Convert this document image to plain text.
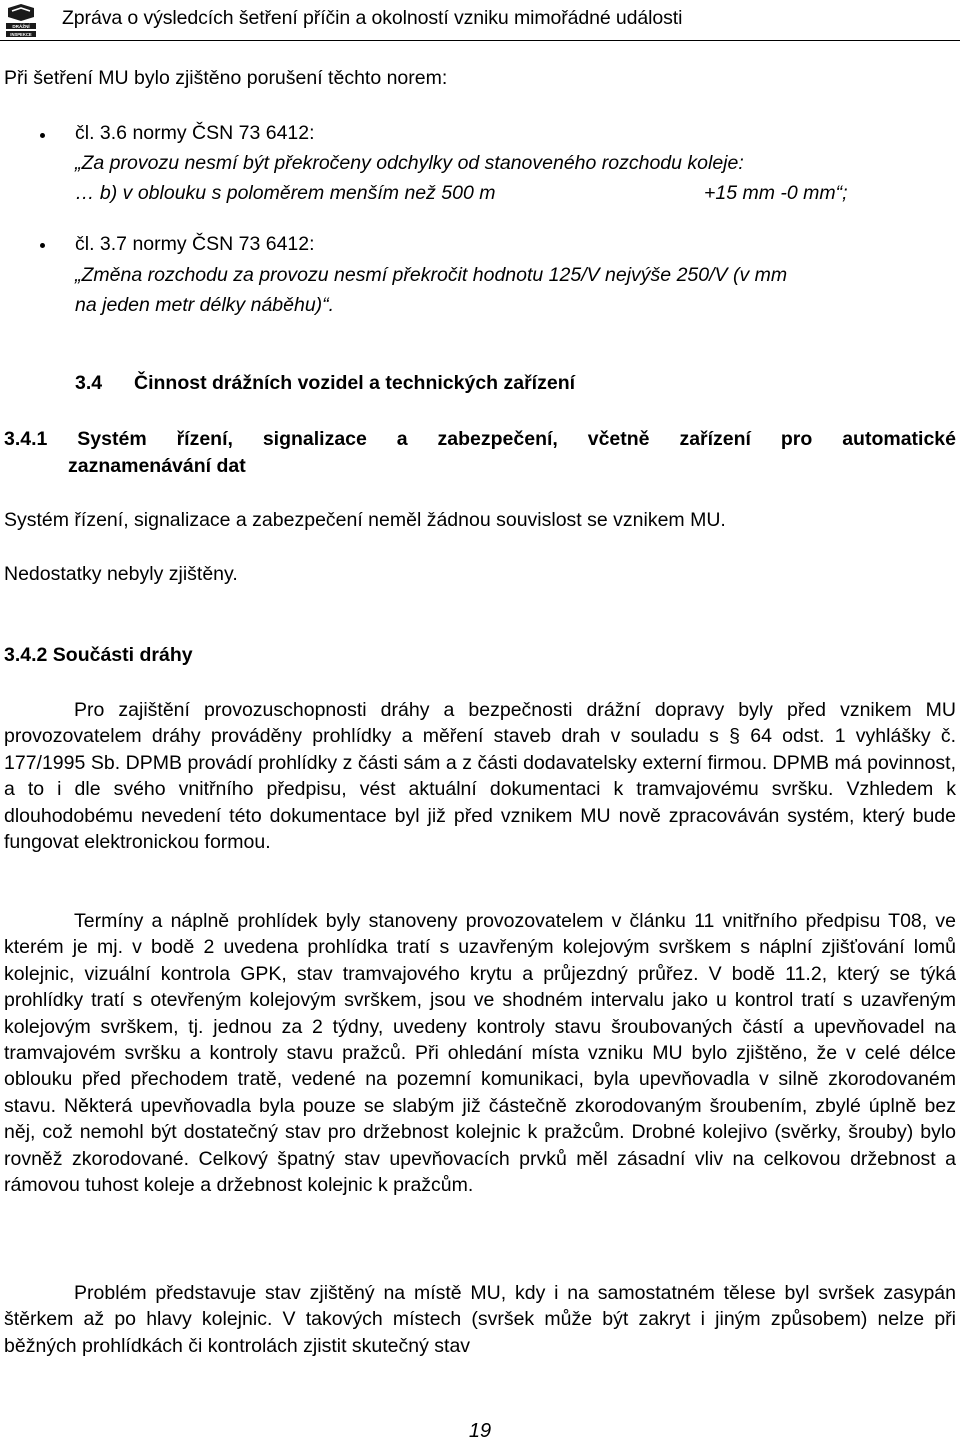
DRÁŽNÍ
INSPEKCE
Zpráva o výsledcích šetření příčin a okolností vzniku mimořádné události
Při šetření MU bylo zjištěno porušení těchto norem:
čl. 3.6 normy ČSN 73 6412:
„Za provozu nesmí být překročeny odchylky od stanoveného rozchodu koleje:
… b) v oblouku s poloměrem menším než 500 m	+15 mm -0 mm“;
čl. 3.7 normy ČSN 73 6412:
„Změna rozchodu za provozu nesmí překročit hodnotu 125/V nejvýše 250/V (v mm
na jeden metr délky náběhu)“.
3.4 Činnost drážních vozidel a technických zařízení
3.4.1 Systém řízení, signalizace a zabezpečení, včetně zařízení pro automatické
zaznamenávání dat
Systém řízení, signalizace a zabezpečení neměl žádnou souvislost se vznikem MU.
Nedostatky nebyly zjištěny.
3.4.2 Součásti dráhy
Pro zajištění provozuschopnosti dráhy a bezpečnosti drážní dopravy byly před vznikem MU provozovatelem dráhy prováděny prohlídky a měření staveb drah v souladu s § 64 odst. 1 vyhlášky č. 177/1995 Sb. DPMB provádí prohlídky z části sám a z části dodavatelsky externí firmou. DPMB má povinnost, a to i dle svého vnitřního předpisu, vést aktuální dokumentaci k tramvajovému svršku. Vzhledem k dlouhodobému nevedení této dokumentace byl již před vznikem MU nově zpracováván systém, který bude fungovat elektronickou formou.
Termíny a náplně prohlídek byly stanoveny provozovatelem v článku 11 vnitřního předpisu T08, ve kterém je mj. v bodě 2 uvedena prohlídka tratí s uzavřeným kolejovým svrškem s náplní zjišťování lomů kolejnic, vizuální kontrola GPK, stav tramvajového krytu a průjezdný průřez. V bodě 11.2, který se týká prohlídky tratí s otevřeným kolejovým svrškem, jsou ve shodném intervalu jako u kontrol tratí s uzavřeným kolejovým svrškem, tj. jednou za 2 týdny, uvedeny kontroly stavu šroubovaných částí a upevňovadel na tramvajovém svršku a kontroly stavu pražců. Při ohledání místa vzniku MU bylo zjištěno, že v celé délce oblouku před přechodem tratě, vedené na pozemní komunikaci, byla upevňovadla v silně zkorodovaném stavu. Některá upevňovadla byla pouze se slabým již částečně zkorodovaným šroubením, zbylé úplně bez něj, což nemohl být dostatečný stav pro držebnost kolejnic k pražcům. Drobné kolejivo (svěrky, šrouby) bylo rovněž zkorodované. Celkový špatný stav upevňovacích prvků měl zásadní vliv na celkovou držebnost a rámovou tuhost koleje a držebnost kolejnic k pražcům.
Problém představuje stav zjištěný na místě MU, kdy i na samostatném tělese byl svršek zasypán štěrkem až po hlavy kolejnic. V takových místech (svršek může být zakryt i jiným způsobem) nelze při běžných prohlídkách či kontrolách zjistit skutečný stav
19
